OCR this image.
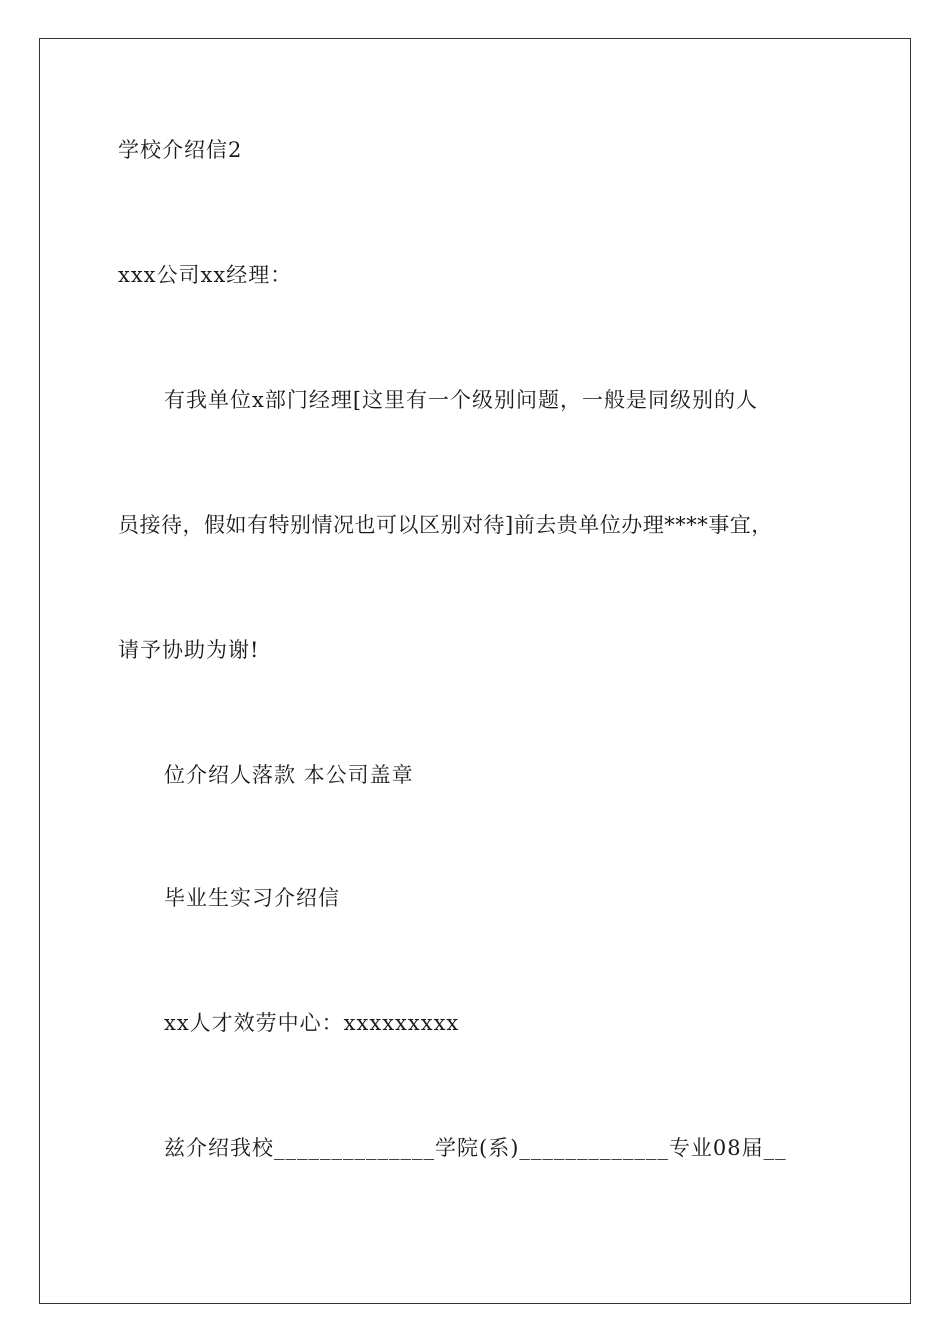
学校介绍信2
xxx公司xx经理：
有我单位x部门经理[这里有一个级别问题，一般是同级别的人
员接待，假如有特别情况也可以区别对待]前去贵单位办理****事宜，
请予协助为谢!
位介绍人落款 本公司盖章
毕业生实习介绍信
xx人才效劳中心：xxxxxxxxx
兹介绍我校______________学院(系)_____________专业08届__
